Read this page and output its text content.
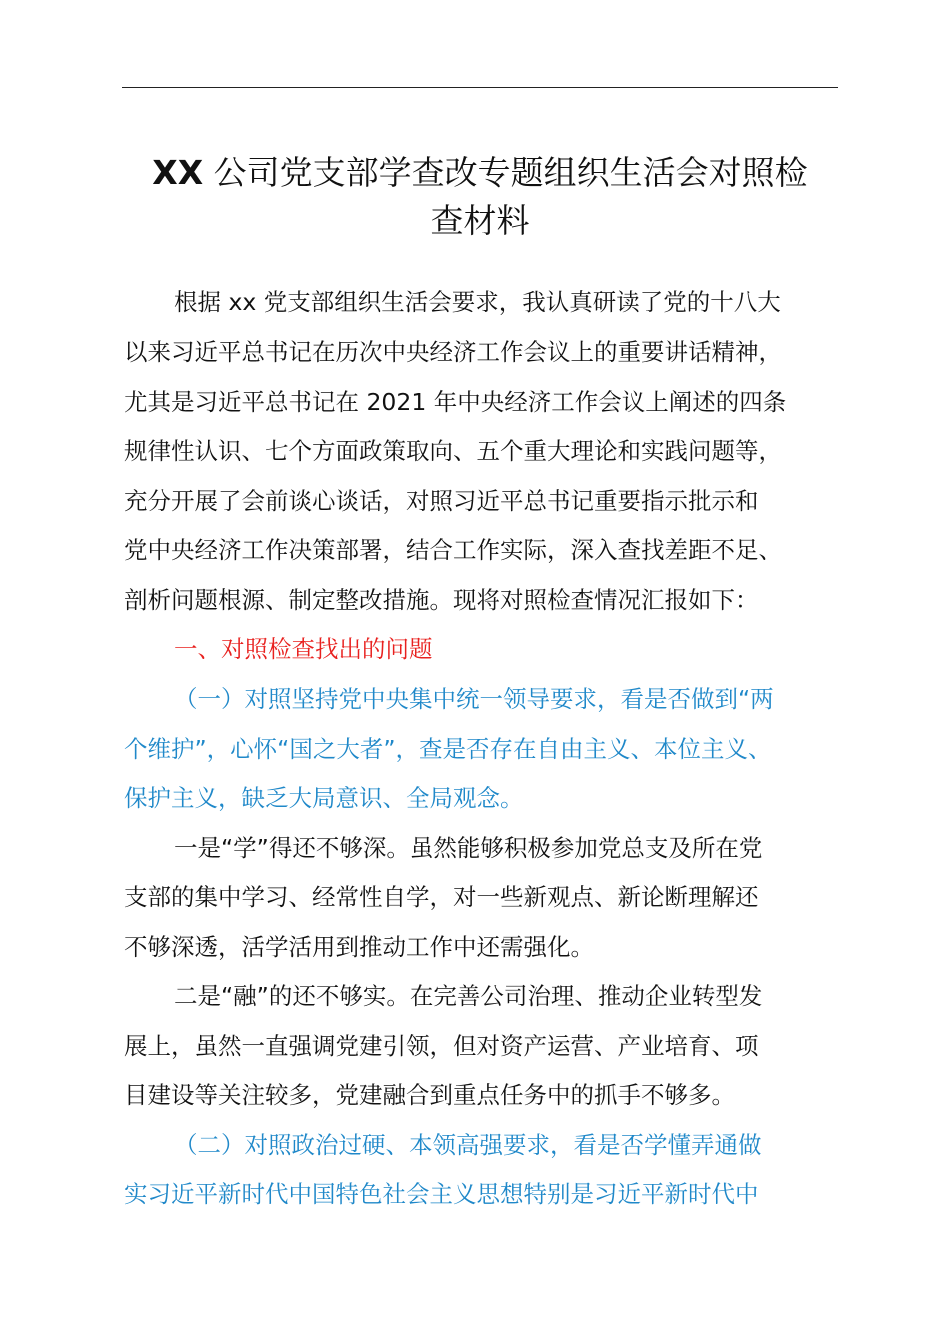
XX 公司党支部学查改专题组织生活会对照检
查材料
根据 xx 党支部组织生活会要求，我认真研读了党的十八大
以来习近平总书记在历次中央经济工作会议上的重要讲话精神，
尤其是习近平总书记在 2021 年中央经济工作会议上阐述的四条
规律性认识、七个方面政策取向、五个重大理论和实践问题等，
充分开展了会前谈心谈话，对照习近平总书记重要指示批示和
党中央经济工作决策部署，结合工作实际，深入查找差距不足、
剖析问题根源、制定整改措施。现将对照检查情况汇报如下：
一、对照检查找出的问题
（一）对照坚持党中央集中统一领导要求，看是否做到“两
个维护”，心怀“国之大者”，查是否存在自由主义、本位主义、
保护主义，缺乏大局意识、全局观念。
一是“学”得还不够深。虽然能够积极参加党总支及所在党
支部的集中学习、经常性自学，对一些新观点、新论断理解还
不够深透，活学活用到推动工作中还需强化。
二是“融”的还不够实。在完善公司治理、推动企业转型发
展上，虽然一直强调党建引领，但对资产运营、产业培育、项
目建设等关注较多，党建融合到重点任务中的抓手不够多。
（二）对照政治过硬、本领高强要求，看是否学懂弄通做
实习近平新时代中国特色社会主义思想特别是习近平新时代中
